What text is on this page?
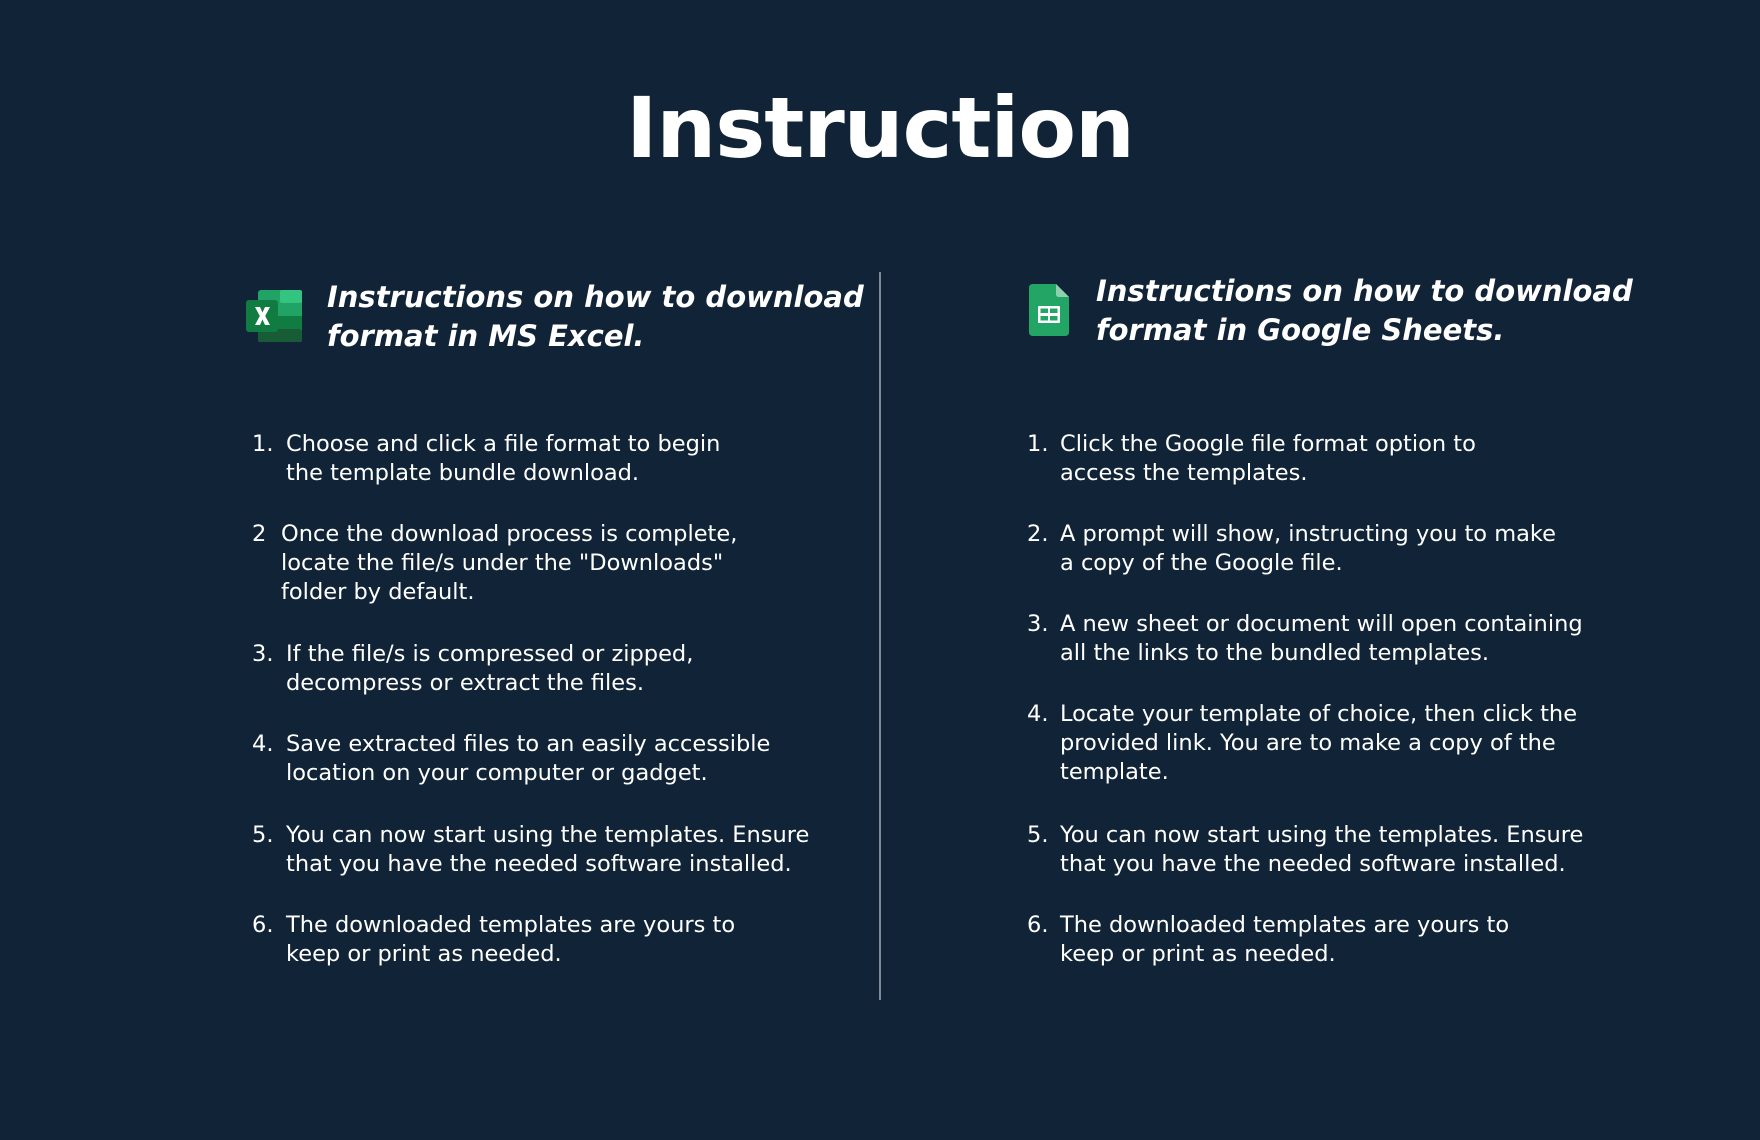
Instruction
Instructions on how to download
format in MS Excel.
1. Choose and click a file format to begin
the template bundle download.
2 Once the download process is complete,
locate the file/s under the "Downloads"
folder by default.
3. If the file/s is compressed or zipped,
decompress or extract the files.
4. Save extracted files to an easily accessible
location on your computer or gadget.
5. You can now start using the templates. Ensure
that you have the needed software installed.
6. The downloaded templates are yours to
keep or print as needed.
Instructions on how to download
format in Google Sheets.
1. Click the Google file format option to
access the templates.
2. A prompt will show, instructing you to make
a copy of the Google file.
3. A new sheet or document will open containing
all the links to the bundled templates.
4. Locate your template of choice, then click the
provided link. You are to make a copy of the
template.
5. You can now start using the templates. Ensure
that you have the needed software installed.
6. The downloaded templates are yours to
keep or print as needed.
